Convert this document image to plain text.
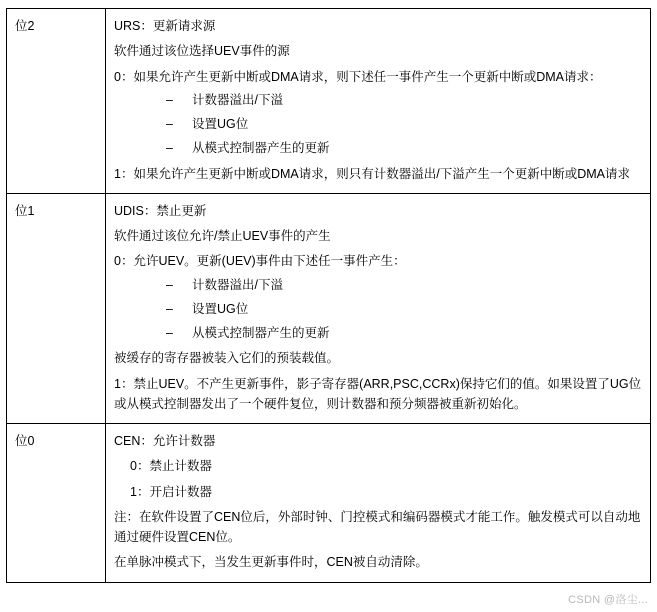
位2	URS：更新请求源

软件通过该位选择UEV事件的源

0：如果允许产生更新中断或DMA请求，则下述任一事件产生一个更新中断或DMA请求：

–	计数器溢出/下溢
–	设置UG位
–	从模式控制器产生的更新

1：如果允许产生更新中断或DMA请求，则只有计数器溢出/下溢产生一个更新中断或DMA请求

位1	UDIS：禁止更新

软件通过该位允许/禁止UEV事件的产生

0：允许UEV。更新(UEV)事件由下述任一事件产生：

–	计数器溢出/下溢
–	设置UG位
–	从模式控制器产生的更新

被缓存的寄存器被装入它们的预装载值。

1：禁止UEV。不产生更新事件，影子寄存器(ARR,PSC,CCRx)保持它们的值。如果设置了UG位或从模式控制器发出了一个硬件复位，则计数器和预分频器被重新初始化。

位0	CEN：允许计数器

0：禁止计数器

1：开启计数器

注：在软件设置了CEN位后，外部时钟、门控模式和编码器模式才能工作。触发模式可以自动地通过硬件设置CEN位。

在单脉冲模式下，当发生更新事件时，CEN被自动清除。

CSDN @洛尘...
